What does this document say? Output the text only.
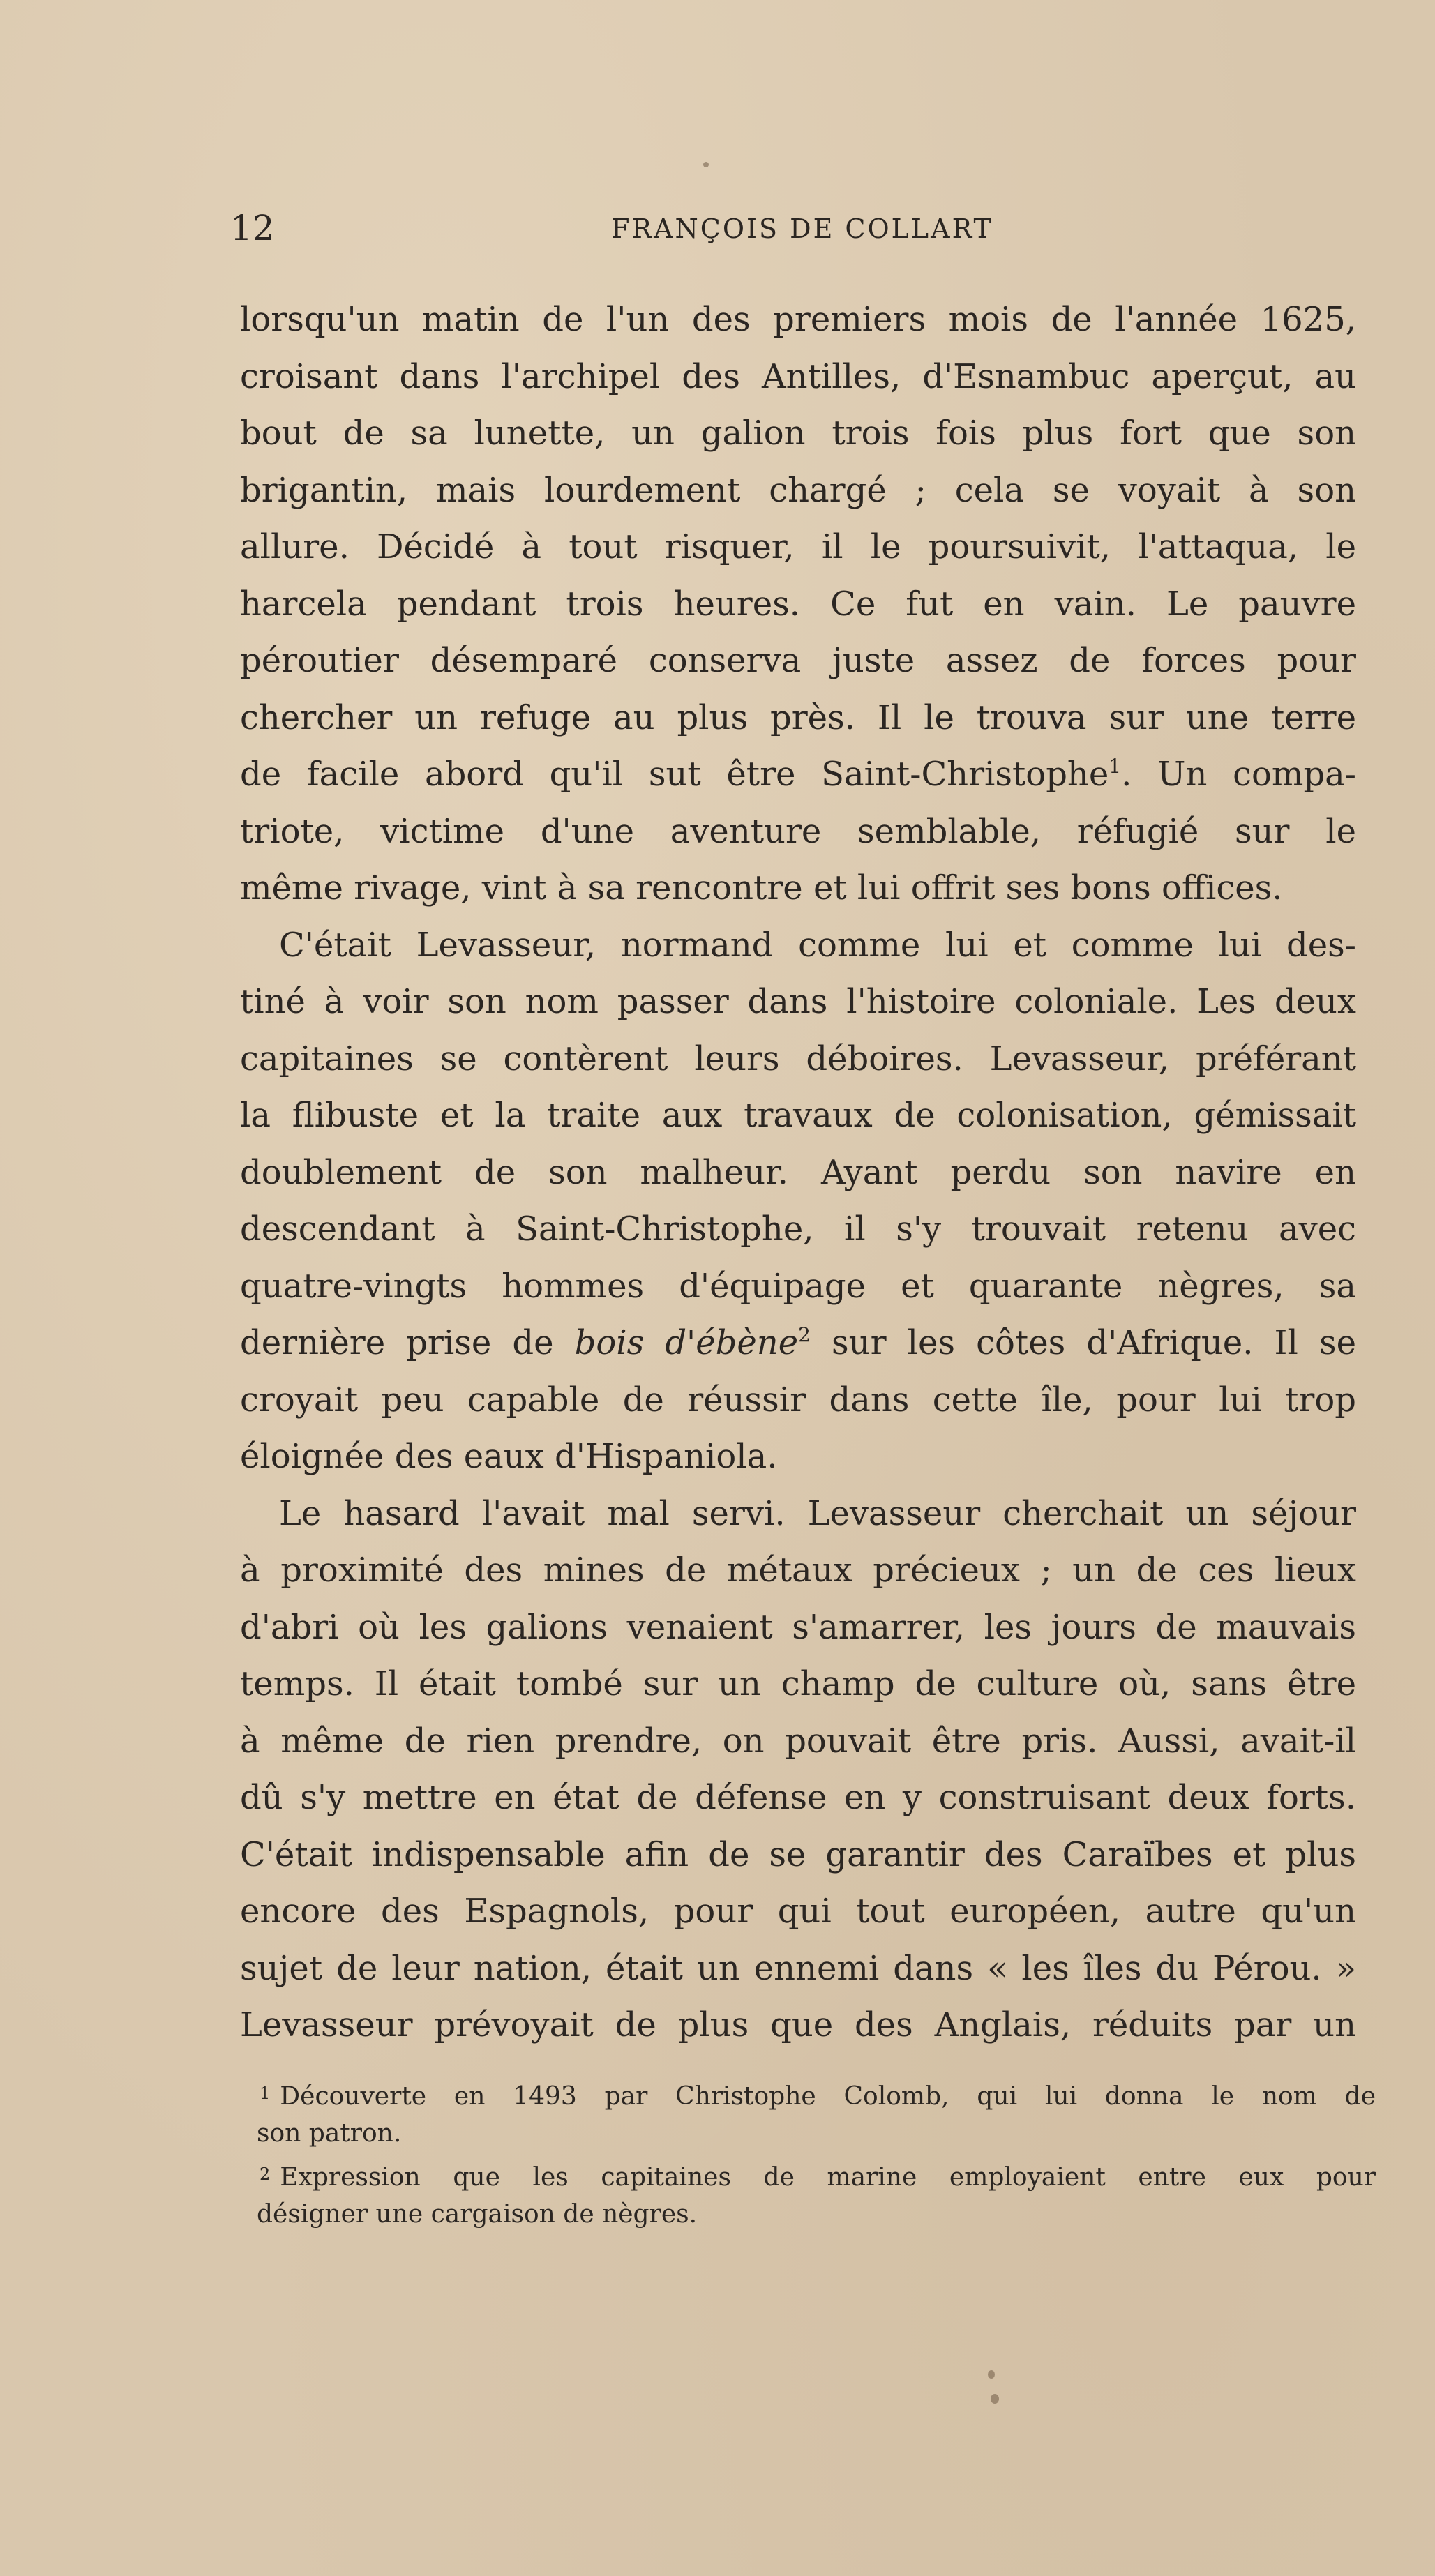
12	FRANÇOIS DE COLLART
lorsqu'un matin de l'un des premiers mois de l'année 1625,
croisant dans l'archipel des Antilles, d'Esnambuc aperçut, au
bout de sa lunette, un galion trois fois plus fort que son
brigantin, mais lourdement chargé ; cela se voyait à son
allure. Décidé à tout risquer, il le poursuivit, l'attaqua, le
harcela pendant trois heures. Ce fut en vain. Le pauvre
péroutier désemparé conserva juste assez de forces pour
chercher un refuge au plus près. Il le trouva sur une terre
de facile abord qu'il sut être Saint-Christophe$^1$. Un compa-
triote, victime d'une aventure semblable, réfugié sur le
même rivage, vint à sa rencontre et lui offrit ses bons offices.
C'était Levasseur, normand comme lui et comme lui des-
tiné à voir son nom passer dans l'histoire coloniale. Les deux
capitaines se contèrent leurs déboires. Levasseur, préférant
la flibuste et la traite aux travaux de colonisation, gémissait
doublement de son malheur. Ayant perdu son navire en
descendant à Saint-Christophe, il s'y trouvait retenu avec
quatre-vingts hommes d'équipage et quarante nègres, sa
dernière prise de bois d'ébène$^2$ sur les côtes d'Afrique. Il se
croyait peu capable de réussir dans cette île, pour lui trop
éloignée des eaux d'Hispaniola.
Le hasard l'avait mal servi. Levasseur cherchait un séjour
à proximité des mines de métaux précieux ; un de ces lieux
d'abri où les galions venaient s'amarrer, les jours de mauvais
temps. Il était tombé sur un champ de culture où, sans être
à même de rien prendre, on pouvait être pris. Aussi, avait-il
dû s'y mettre en état de défense en y construisant deux forts.
C'était indispensable afin de se garantir des Caraïbes et plus
encore des Espagnols, pour qui tout européen, autre qu'un
sujet de leur nation, était un ennemi dans « les îles du Pérou. »
Levasseur prévoyait de plus que des Anglais, réduits par un
$^1$ Découverte en 1493 par Christophe Colomb, qui lui donna le nom de
son patron.
$^2$ Expression que les capitaines de marine employaient entre eux pour
désigner une cargaison de nègres.
